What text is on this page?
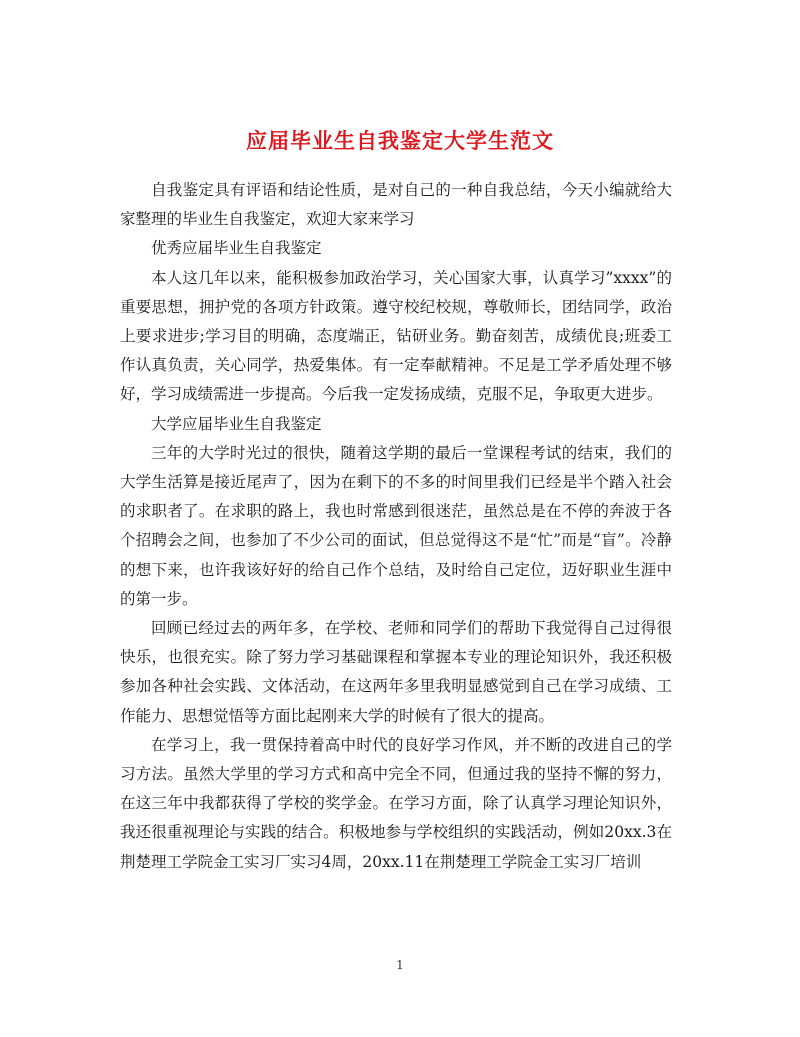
应届毕业生自我鉴定大学生范文

自我鉴定具有评语和结论性质，是对自己的一种自我总结，今天小编就给大家整理的毕业生自我鉴定，欢迎大家来学习

优秀应届毕业生自我鉴定

本人这几年以来，能积极参加政治学习，关心国家大事，认真学习”xxxx”的重要思想，拥护党的各项方针政策。遵守校纪校规，尊敬师长，团结同学，政治上要求进步;学习目的明确，态度端正，钻研业务。勤奋刻苦，成绩优良;班委工作认真负责，关心同学，热爱集体。有一定奉献精神。不足是工学矛盾处理不够好，学习成绩需进一步提高。今后我一定发扬成绩，克服不足，争取更大进步。

大学应届毕业生自我鉴定

三年的大学时光过的很快，随着这学期的最后一堂课程考试的结束，我们的大学生活算是接近尾声了，因为在剩下的不多的时间里我们已经是半个踏入社会的求职者了。在求职的路上，我也时常感到很迷茫，虽然总是在不停的奔波于各个招聘会之间，也参加了不少公司的面试，但总觉得这不是“忙”而是“盲”。冷静的想下来，也许我该好好的给自己作个总结，及时给自己定位，迈好职业生涯中的第一步。

回顾已经过去的两年多，在学校、老师和同学们的帮助下我觉得自己过得很快乐，也很充实。除了努力学习基础课程和掌握本专业的理论知识外，我还积极参加各种社会实践、文体活动，在这两年多里我明显感觉到自己在学习成绩、工作能力、思想觉悟等方面比起刚来大学的时候有了很大的提高。

在学习上，我一贯保持着高中时代的良好学习作风，并不断的改进自己的学习方法。虽然大学里的学习方式和高中完全不同，但通过我的坚持不懈的努力，在这三年中我都获得了学校的奖学金。在学习方面，除了认真学习理论知识外，我还很重视理论与实践的结合。积极地参与学校组织的实践活动，例如20xx.3在荆楚理工学院金工实习厂实习4周，20xx.11在荆楚理工学院金工实习厂培训

1
